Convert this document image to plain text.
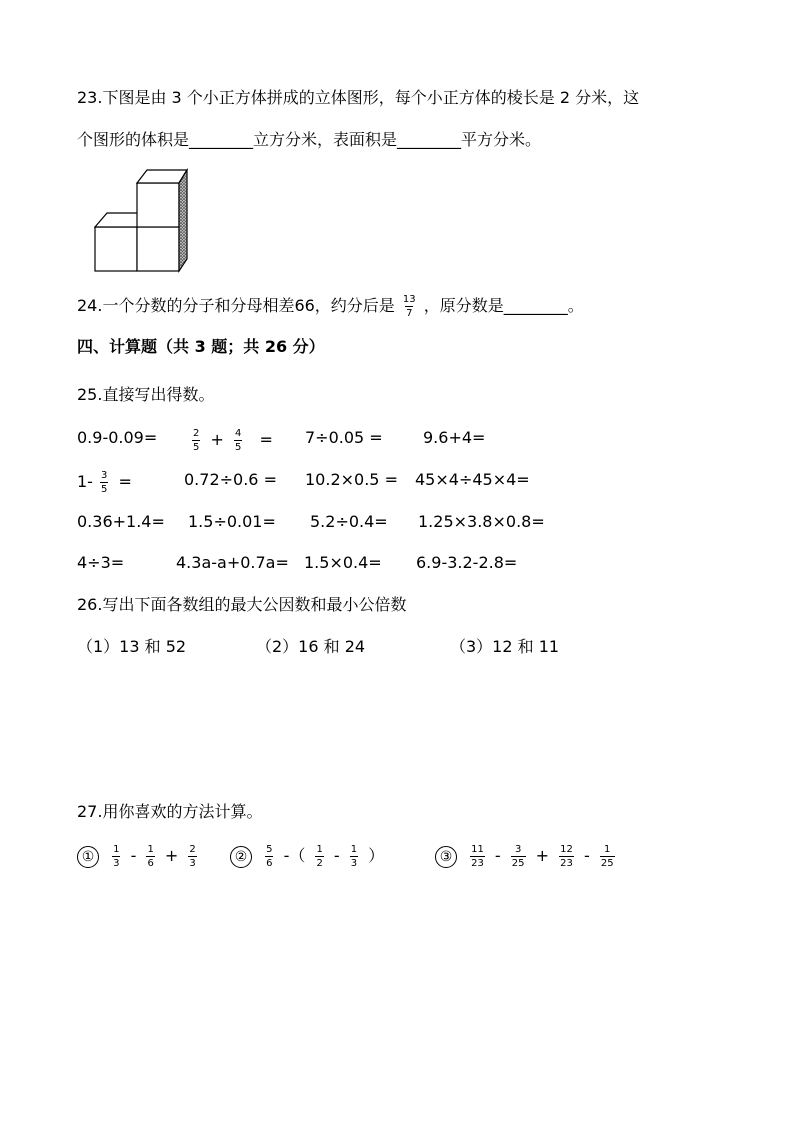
23.下图是由 3 个小正方体拼成的立体图形，每个小正方体的棱长是 2 分米，这
个图形的体积是________立方分米，表面积是________平方分米。
24.一个分数的分子和分母相差66，约分后是 $\frac{13}{7}$ ，原分数是________。
四、计算题（共 3 题；共 26 分）
25.直接写出得数。
0.9-0.09=	$\frac{2}{5} + \frac{4}{5} = 7\div 0.05$ =	9.6+4=
$1- \frac{3}{5}$ =	0.72÷0.6 = 10.2×0.5 = 45×4÷45×4=
0.36+1.4= 1.5÷0.01= 5.2÷0.4= 1.25×3.8×0.8=
4÷3=	4.3a-a+0.7a= 1.5×0.4= 6.9-3.2-2.8=
26.写出下面各数组的最大公因数和最小公倍数
（1）13 和 52	（2）16 和 24	（3）12 和 11
27.用你喜欢的方法计算。
① $\frac{1}{3} - \frac{1}{6} + \frac{2}{3}$	② $\frac{5}{6}$ -（ $\frac{1}{2} - \frac{1}{3}$ ）	③ $\frac{11}{23} - \frac{3}{25} + \frac{12}{23} - \frac{1}{25}$
